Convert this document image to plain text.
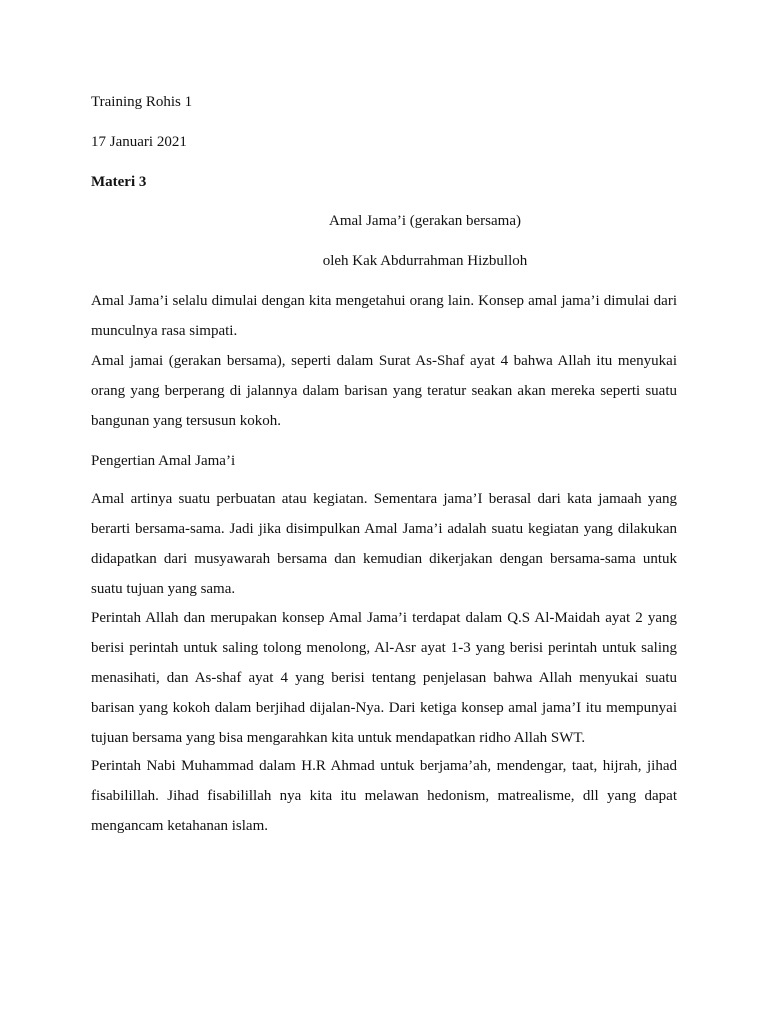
Training Rohis 1
17 Januari 2021
Materi 3
Amal Jama’i (gerakan bersama)
oleh Kak Abdurrahman Hizbulloh
Amal Jama’i selalu dimulai dengan kita mengetahui orang lain. Konsep amal jama’i dimulai dari
munculnya rasa simpati.
Amal jamai (gerakan bersama), seperti dalam Surat As-Shaf ayat 4 bahwa Allah itu menyukai
orang yang berperang di jalannya dalam barisan yang teratur seakan akan mereka seperti suatu
bangunan yang tersusun kokoh.
Pengertian Amal Jama’i
Amal artinya suatu perbuatan atau kegiatan. Sementara jama’I berasal dari kata jamaah yang
berarti bersama-sama. Jadi jika disimpulkan Amal Jama’i adalah suatu kegiatan yang dilakukan
didapatkan dari musyawarah bersama dan kemudian dikerjakan dengan bersama-sama untuk
suatu tujuan yang sama.
Perintah Allah dan merupakan konsep Amal Jama’i terdapat dalam Q.S Al-Maidah ayat 2 yang
berisi perintah untuk saling tolong menolong, Al-Asr ayat 1-3 yang berisi perintah untuk saling
menasihati, dan As-shaf ayat 4 yang berisi tentang penjelasan bahwa Allah menyukai suatu
barisan yang kokoh dalam berjihad dijalan-Nya. Dari ketiga konsep amal jama’I itu mempunyai
tujuan bersama yang bisa mengarahkan kita untuk mendapatkan ridho Allah SWT.
Perintah Nabi Muhammad dalam H.R Ahmad untuk berjama’ah, mendengar, taat, hijrah, jihad
fisabilillah. Jihad fisabilillah nya kita itu melawan hedonism, matrealisme, dll yang dapat
mengancam ketahanan islam.
